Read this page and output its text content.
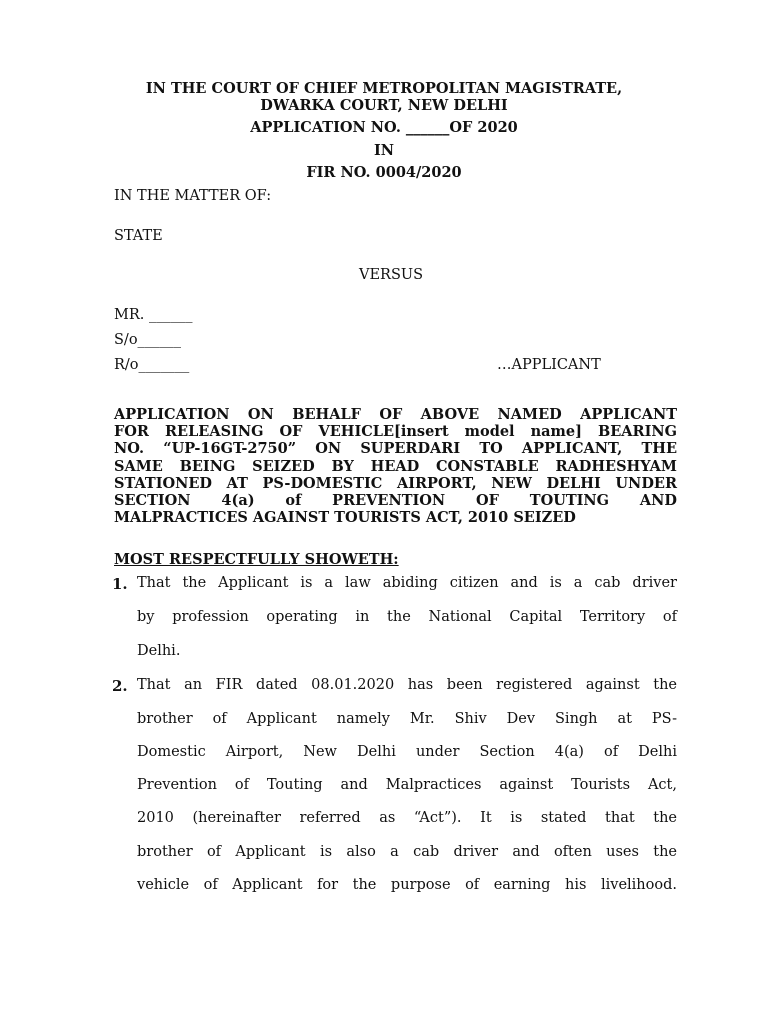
IN THE COURT OF CHIEF METROPOLITAN MAGISTRATE,
DWARKA COURT, NEW DELHI
APPLICATION NO. ______OF 2020
IN
FIR NO. 0004/2020
IN THE MATTER OF:
STATE
VERSUS
MR. ______
S/o______
R/o_______	…APPLICANT
APPLICATION ON BEHALF OF ABOVE NAMED APPLICANT
FOR RELEASING OF VEHICLE[insert model name] BEARING
NO. “UP-16GT-2750” ON SUPERDARI TO APPLICANT, THE
SAME BEING SEIZED BY HEAD CONSTABLE RADHESHYAM
STATIONED AT PS-DOMESTIC AIRPORT, NEW DELHI UNDER
SECTION 4(a) of PREVENTION OF TOUTING AND
MALPRACTICES AGAINST TOURISTS ACT, 2010 SEIZED
MOST RESPECTFULLY SHOWETH:
1. That the Applicant is a law abiding citizen and is a cab driver
by profession operating in the National Capital Territory of
Delhi.
2. That an FIR dated 08.01.2020 has been registered against the
brother of Applicant namely Mr. Shiv Dev Singh at PS-
Domestic Airport, New Delhi under Section 4(a) of Delhi
Prevention of Touting and Malpractices against Tourists Act,
2010 (hereinafter referred as “Act”). It is stated that the
brother of Applicant is also a cab driver and often uses the
vehicle of Applicant for the purpose of earning his livelihood.
